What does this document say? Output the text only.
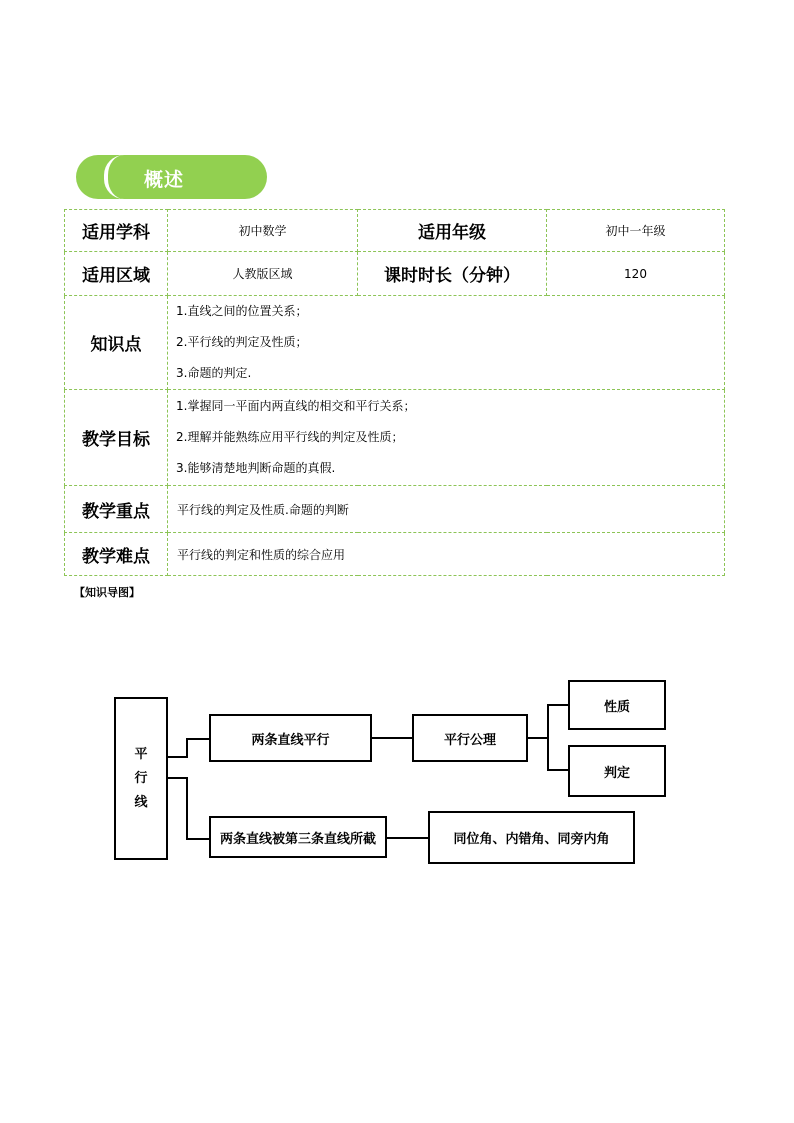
概述
适用学科	初中数学	适用年级	初中一年级
适用区域	人教版区域	课时时长（分钟）	120
知识点	1.直线之间的位置关系；
2.平行线的判定及性质；
3.命题的判定.		

教学目标	1.掌握同一平面内两直线的相交和平行关系；
2.理解并能熟练应用平行线的判定及性质；
3.能够清楚地判断命题的真假.		

教学重点	平行线的判定及性质.命题的判断		
教学难点	平行线的判定和性质的综合应用		
【知识导图】
平
行
线
两条直线平行	平行公理
性质
判定
两条直线被第三条直线所截	同位角、内错角、同旁内角
